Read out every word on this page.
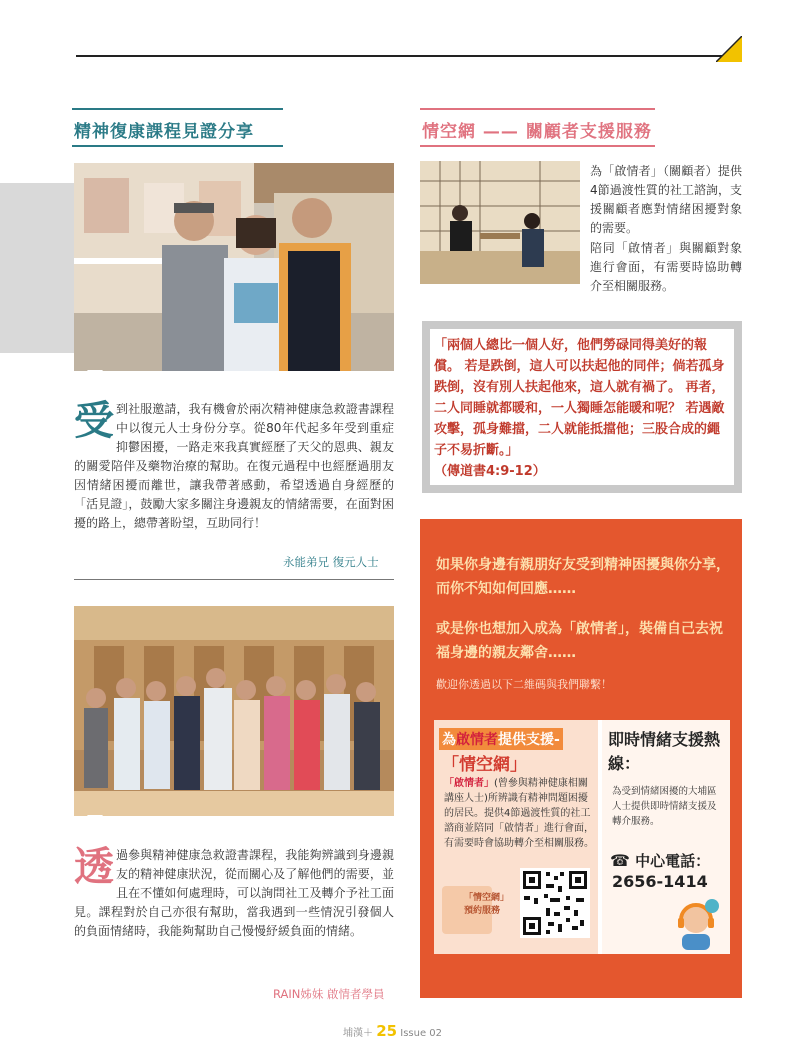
精神復康課程見證分享
受 到社服邀請，我有機會於兩次精神健康急救證書課程中以復元人士身份分享。從80年代起多年受到重症抑鬱困擾，一路走來我真實經歷了天父的恩典、親友的關愛陪伴及藥物治療的幫助。在復元過程中也經歷過朋友因情緒困擾而離世，讓我帶著感動，希望透過自身經歷的「活見證」，鼓勵大家多關注身邊親友的情緒需要，在面對困擾的路上，總帶著盼望，互助同行！
永能弟兄 復元人士
透 過參與精神健康急救證書課程，我能夠辨識到身邊親友的精神健康狀況，從而關心及了解他們的需要，並且在不懂如何處理時，可以詢問社工及轉介予社工面見。課程對於自己亦很有幫助，當我遇到一些情況引發個人的負面情緒時，我能夠幫助自己慢慢紓緩負面的情緒。
RAIN姊妹 啟情者學員
情空網 —— 關顧者支援服務
為「啟情者」（關顧者）提供4節過渡性質的社工諮詢，支援關顧者應對情緒困擾對象的需要。
陪同「啟情者」與關顧對象進行會面，有需要時協助轉介至相關服務。
「兩個人總比一個人好，他們勞碌同得美好的報償。 若是跌倒，這人可以扶起他的同伴；倘若孤身跌倒，沒有別人扶起他來，這人就有禍了。 再者，二人同睡就都暖和，一人獨睡怎能暖和呢？ 若遇敵攻擊，孤身難擋，二人就能抵擋他；三股合成的繩子不易折斷。」
（傳道書4:9-12）
如果你身邊有親朋好友受到精神困擾與你分享，而你不知如何回應……
或是你也想加入成為「啟情者」，裝備自己去祝福身邊的親友鄰舍……
歡迎你透過以下二維碼與我們聯繫！
為啟情者提供支援-
「情空網」
「啟情者」(曾參與精神健康相關講座人士)所辨識有精神問題困擾的居民。提供4節過渡性質的社工諮商並陪同「啟情者」進行會面，有需要時會協助轉介至相關服務。
「情空網」預約服務
即時情緒支援熱線：
為受到情緒困擾的大埔區人士提供即時情緒支援及轉介服務。
☎ 中心電話：
2656-1414
埔漢＋ 25 Issue 02
